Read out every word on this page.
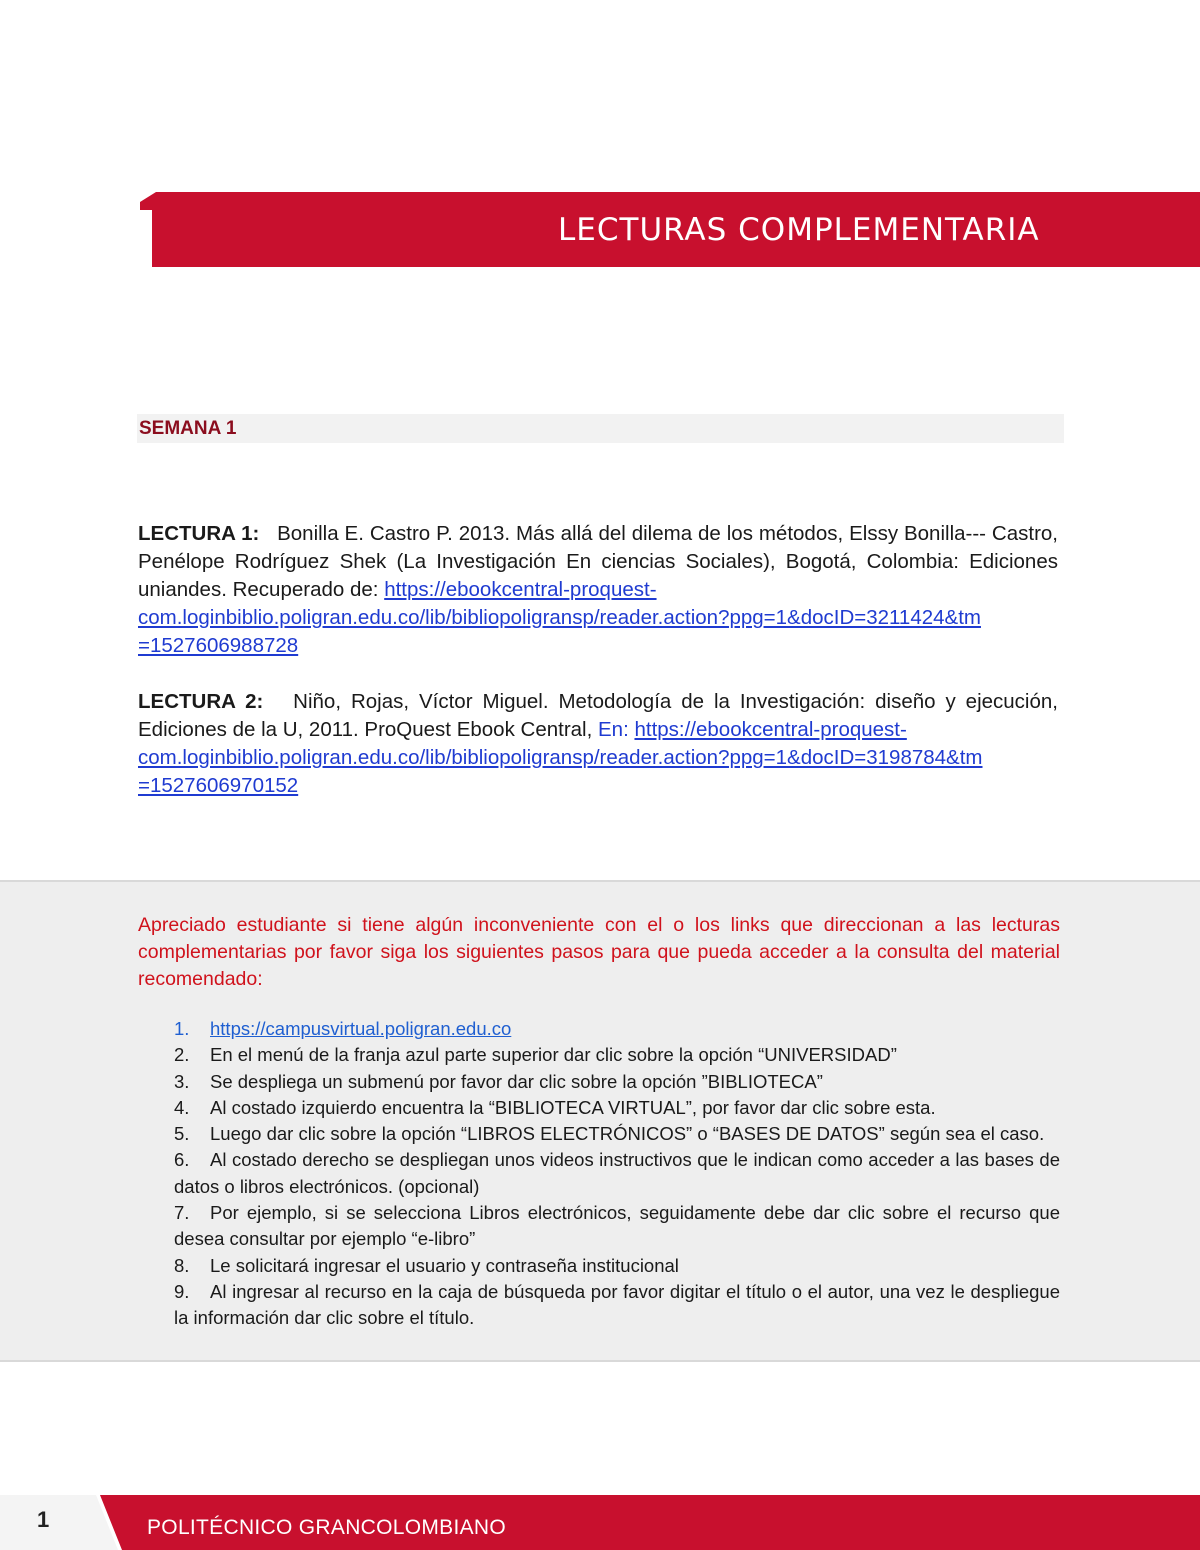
LECTURAS COMPLEMENTARIA
SEMANA 1
LECTURA 1: Bonilla E. Castro P. 2013. Más allá del dilema de los métodos, Elssy Bonilla--- Castro, Penélope Rodríguez Shek (La Investigación En ciencias Sociales), Bogotá, Colombia: Ediciones uniandes. Recuperado de: https://ebookcentral-proquest-
com.loginbiblio.poligran.edu.co/lib/bibliopoligransp/reader.action?ppg=1&docID=3211424&tm
=1527606988728
LECTURA 2: Niño, Rojas, Víctor Miguel. Metodología de la Investigación: diseño y ejecución, Ediciones de la U, 2011. ProQuest Ebook Central, En: https://ebookcentral-proquest-
com.loginbiblio.poligran.edu.co/lib/bibliopoligransp/reader.action?ppg=1&docID=3198784&tm
=1527606970152
Apreciado estudiante si tiene algún inconveniente con el o los links que direccionan a las lecturas complementarias por favor siga los siguientes pasos para que pueda acceder a la consulta del material recomendado:
1. https://campusvirtual.poligran.edu.co
2. En el menú de la franja azul parte superior dar clic sobre la opción “UNIVERSIDAD”
3. Se despliega un submenú por favor dar clic sobre la opción ”BIBLIOTECA”
4. Al costado izquierdo encuentra la “BIBLIOTECA VIRTUAL”, por favor dar clic sobre esta.
5. Luego dar clic sobre la opción “LIBROS ELECTRÓNICOS” o “BASES DE DATOS” según sea el caso.
6. Al costado derecho se despliegan unos videos instructivos que le indican como acceder a las bases de datos o libros electrónicos. (opcional)
7. Por ejemplo, si se selecciona Libros electrónicos, seguidamente debe dar clic sobre el recurso que desea consultar por ejemplo “e-libro”
8. Le solicitará ingresar el usuario y contraseña institucional
9. Al ingresar al recurso en la caja de búsqueda por favor digitar el título o el autor, una vez le despliegue la información dar clic sobre el título.
1	POLITÉCNICO GRANCOLOMBIANO
